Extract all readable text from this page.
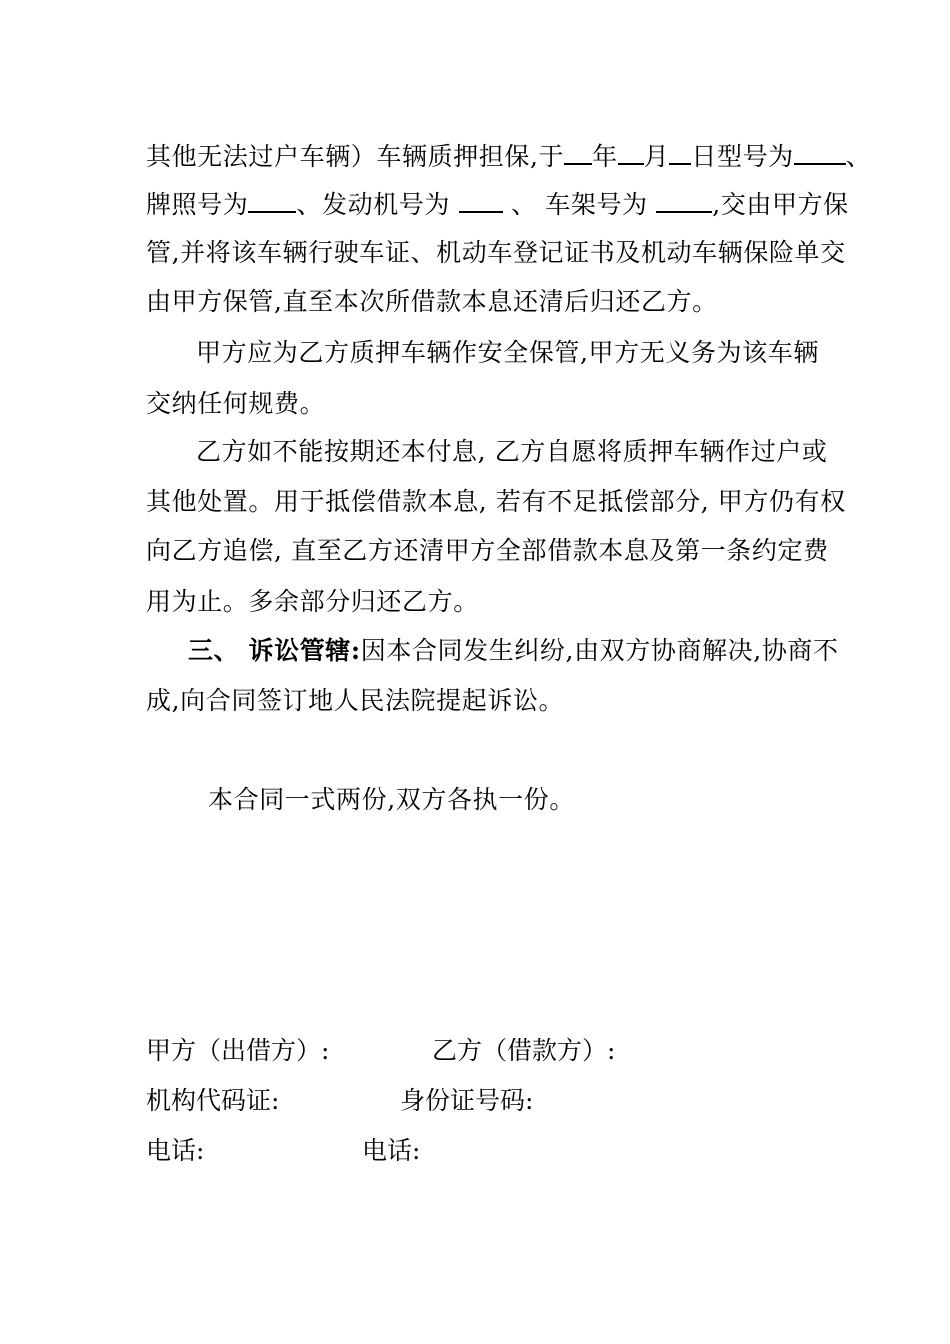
其他无法过户车辆）车辆质押担保,于 年 月 日型号为 、
牌照号为 、发动机号为  、 车架号为 ,交由甲方保
管,并将该车辆行驶车证、机动车登记证书及机动车辆保险单交
由甲方保管,直至本次所借款本息还清后归还乙方。
甲方应为乙方质押车辆作安全保管,甲方无义务为该车辆
交纳任何规费。
乙方如不能按期还本付息, 乙方自愿将质押车辆作过户或
其他处置。用于抵偿借款本息, 若有不足抵偿部分, 甲方仍有权
向乙方追偿, 直至乙方还清甲方全部借款本息及第一条约定费
用为止。多余部分归还乙方。
三、 诉讼管辖:因本合同发生纠纷,由双方协商解决,协商不
成,向合同签订地人民法院提起诉讼。
本合同一式两份,双方各执一份。
甲方（出借方）:	乙方（借款方）:
机构代码证:	身份证号码:
电话:	电话:
